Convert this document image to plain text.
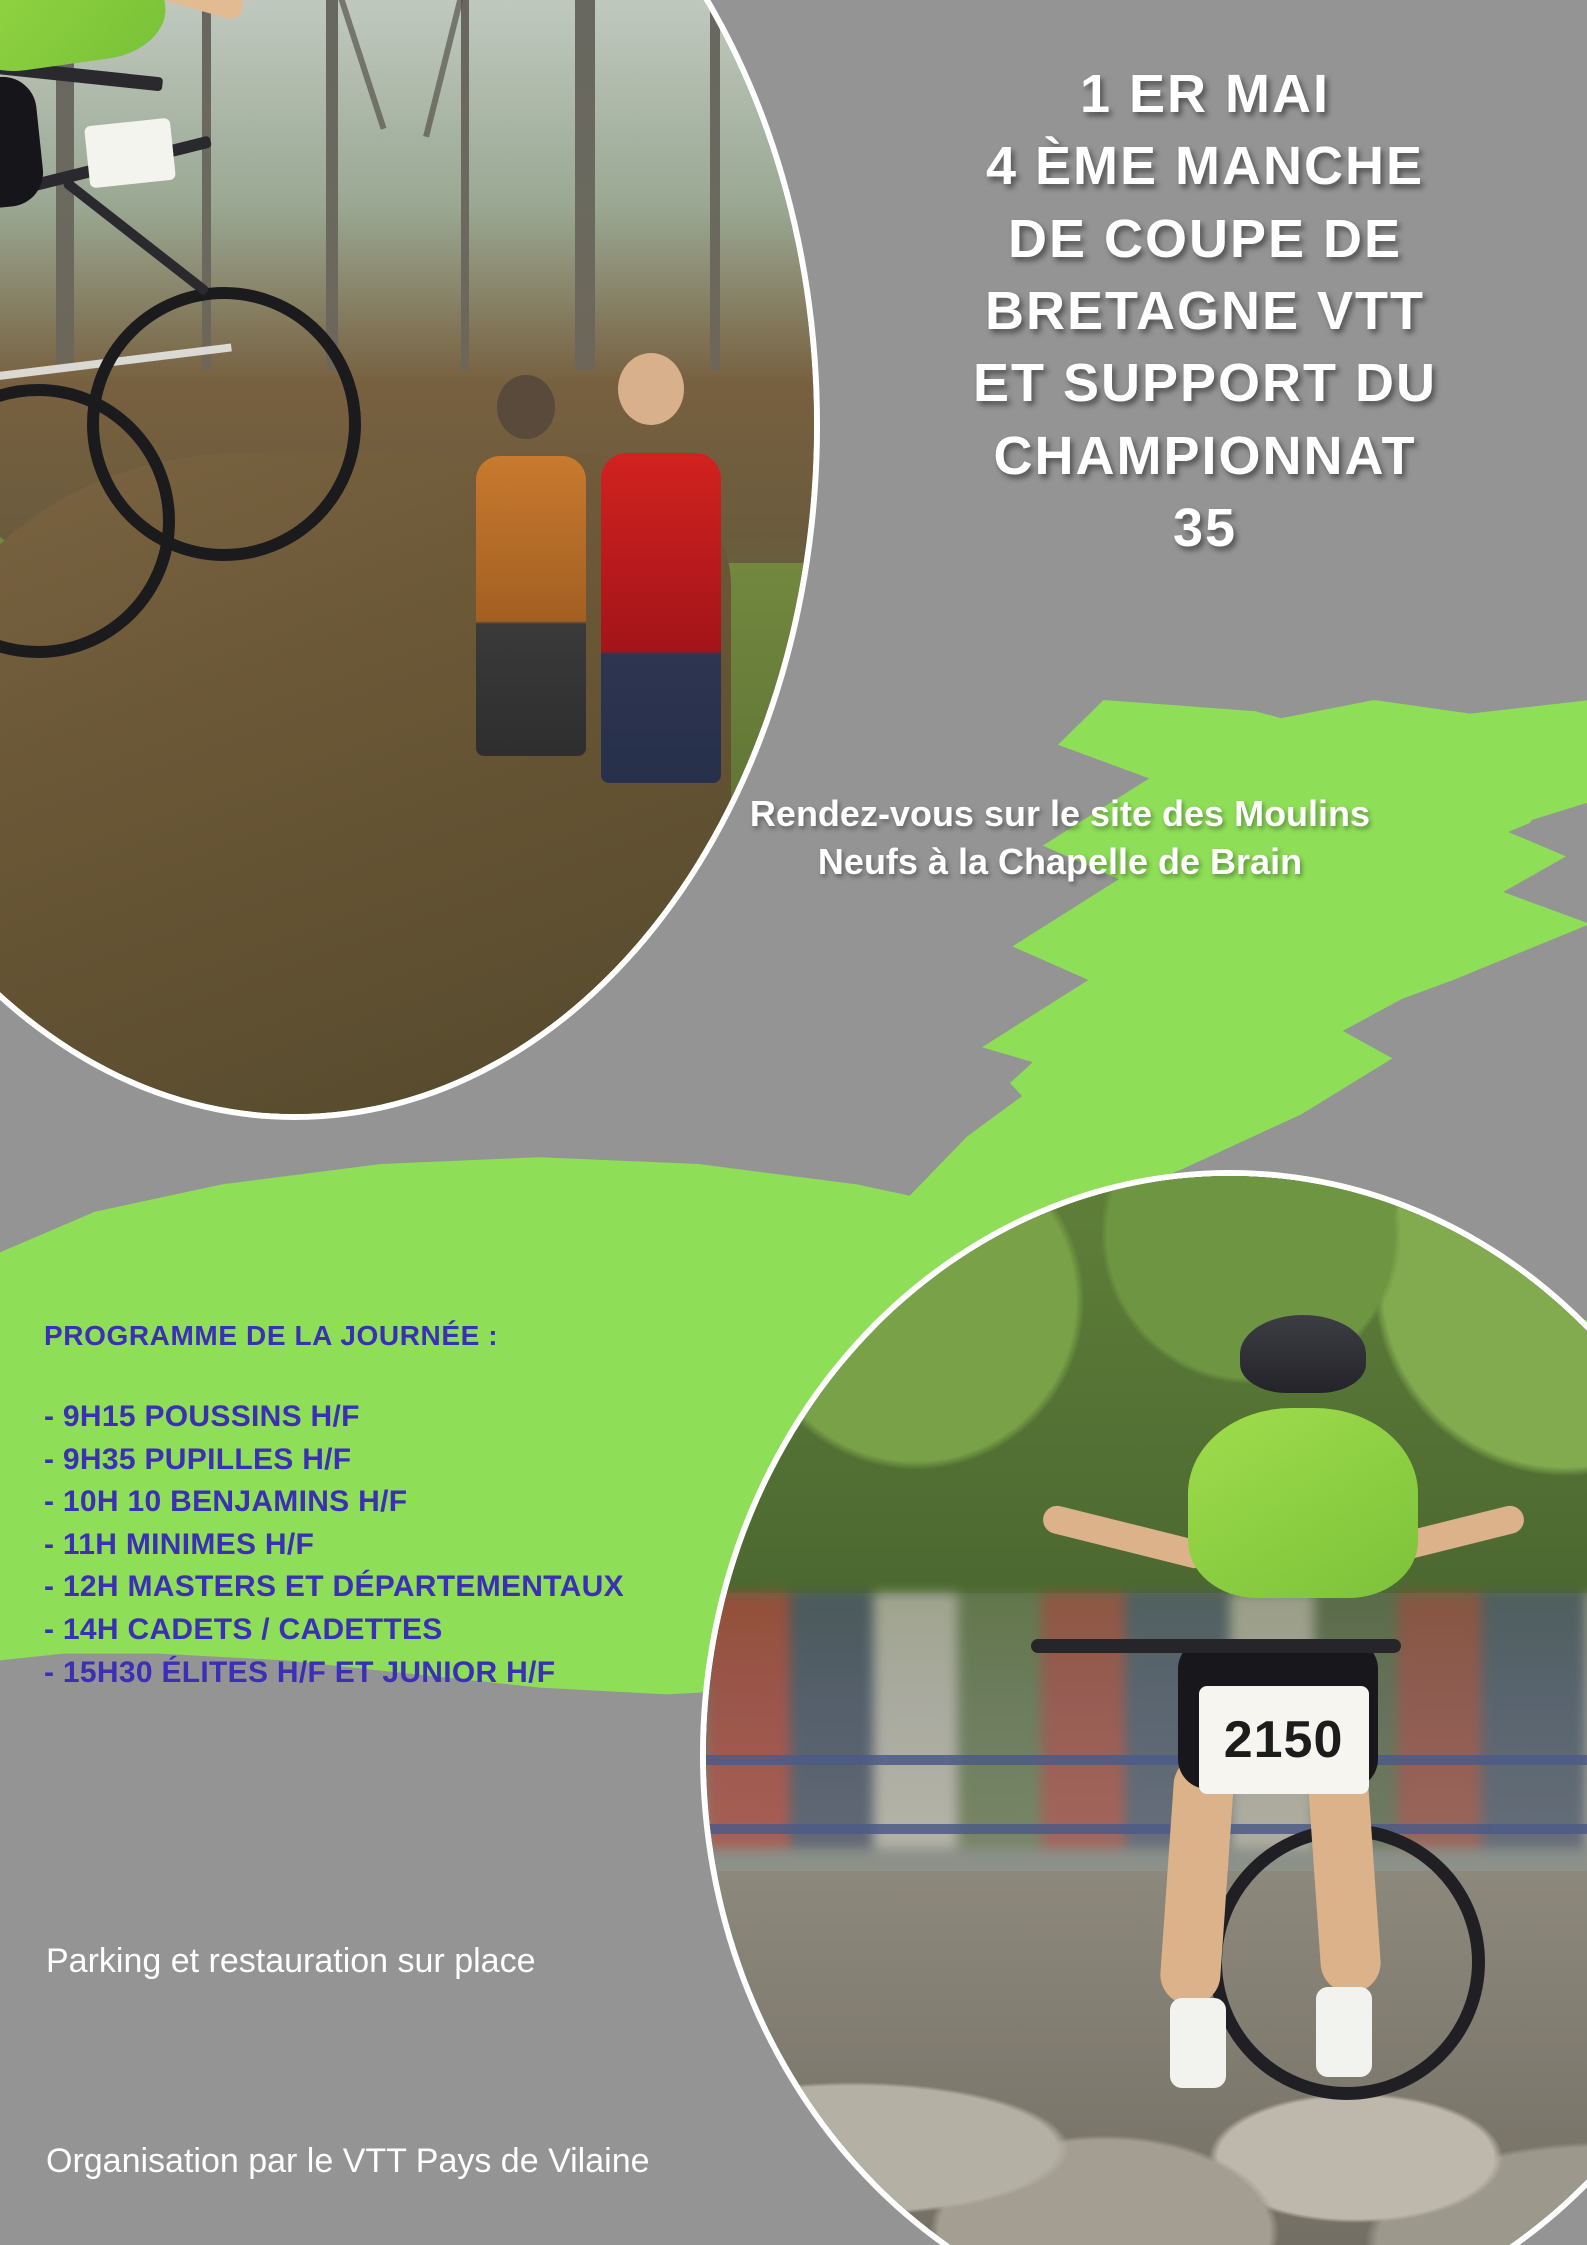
2150
1 ER MAI
4 ÈME MANCHE
DE COUPE DE
BRETAGNE VTT
ET SUPPORT DU
CHAMPIONNAT
35
Rendez-vous sur le site des Moulins Neufs à la Chapelle de Brain
PROGRAMME DE LA JOURNÉE :
- 9H15 POUSSINS H/F
- 9H35 PUPILLES H/F
- 10H 10 BENJAMINS H/F
- 11H MINIMES H/F
- 12H MASTERS ET DÉPARTEMENTAUX
- 14H CADETS / CADETTES
- 15H30 ÉLITES H/F ET JUNIOR H/F
Parking et restauration sur place
Organisation par le VTT Pays de Vilaine
